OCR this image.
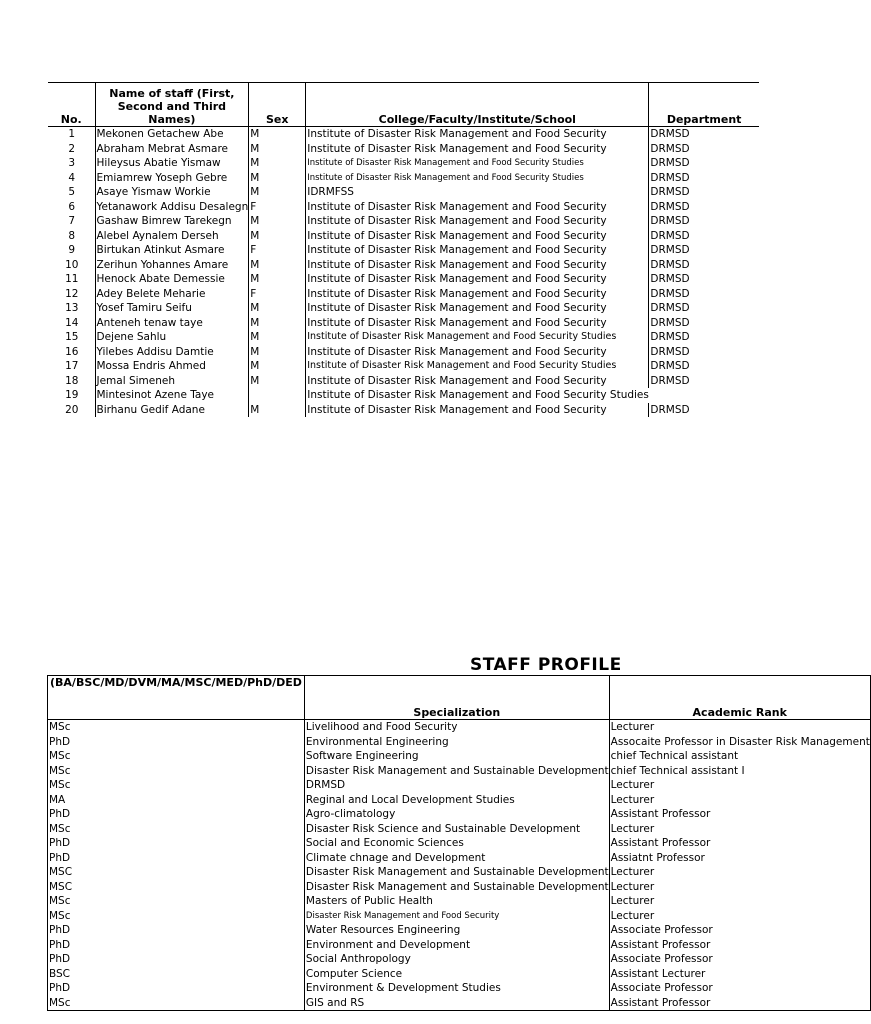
No.	Name of staff (First, Second and Third Names)	Sex	College/Faculty/Institute/School	Department
1	Mekonen Getachew Abe	M	Institute of Disaster Risk Management and Food Security	DRMSD
2	Abraham Mebrat Asmare	M	Institute of Disaster Risk Management and Food Security	DRMSD
3	Hileysus Abatie Yismaw	M	Institute of Disaster Risk Management and Food Security Studies	DRMSD
4	Emiamrew Yoseph Gebre	M	Institute of Disaster Risk Management and Food Security Studies	DRMSD
5	Asaye Yismaw Workie	M	IDRMFSS	DRMSD
6	Yetanawork Addisu Desalegn	F	Institute of Disaster Risk Management and Food Security	DRMSD
7	Gashaw Bimrew Tarekegn	M	Institute of Disaster Risk Management and Food Security	DRMSD
8	Alebel Aynalem Derseh	M	Institute of Disaster Risk Management and Food Security	DRMSD
9	Birtukan Atinkut Asmare	F	Institute of Disaster Risk Management and Food Security	DRMSD
10	Zerihun Yohannes Amare	M	Institute of Disaster Risk Management and Food Security	DRMSD
11	Henock Abate Demessie	M	Institute of Disaster Risk Management and Food Security	DRMSD
12	Adey Belete Meharie	F	Institute of Disaster Risk Management and Food Security	DRMSD
13	Yosef Tamiru Seifu	M	Institute of Disaster Risk Management and Food Security	DRMSD
14	Anteneh tenaw taye	M	Institute of Disaster Risk Management and Food Security	DRMSD
15	Dejene Sahlu	M	Institute of Disaster Risk Management and Food Security Studies	DRMSD
16	Yilebes Addisu Damtie	M	Institute of Disaster Risk Management and Food Security	DRMSD
17	Mossa Endris Ahmed	M	Institute of Disaster Risk Management and Food Security Studies	DRMSD
18	Jemal Simeneh	M	Institute of Disaster Risk Management and Food Security	DRMSD
19	Mintesinot Azene Taye		Institute of Disaster Risk Management and Food Security Studies	
20	Birhanu Gedif Adane	M	Institute of Disaster Risk Management and Food Security	DRMSD
STAFF PROFILE
(BA/BSC/MD/DVM/MA/MSC/MED/PhD/DED	Specialization	Academic Rank
MSc	Livelihood and Food Security	Lecturer
PhD	Environmental Engineering	Assocaite Professor in Disaster Risk Management
MSc	Software Engineering	chief Technical assistant
MSc	Disaster Risk Management and Sustainable Development	chief Technical assistant I
MSc	DRMSD	Lecturer
MA	Reginal and Local Development Studies	Lecturer
PhD	Agro-climatology	Assistant Professor
MSc	Disaster Risk Science and Sustainable Development	Lecturer
PhD	Social and Economic Sciences	Assistant Professor
PhD	Climate chnage and Development	Assiatnt Professor
MSC	Disaster Risk Management and Sustainable Development	Lecturer
MSC	Disaster Risk Management and Sustainable Development	Lecturer
MSc	Masters of Public Health	Lecturer
MSc	Disaster Risk Management and Food Security	Lecturer
PhD	Water Resources Engineering	Associate Professor
PhD	Environment and Development	Assistant Professor
PhD	Social Anthropology	Associate Professor
BSC	Computer Science	Assistant Lecturer
PhD	Environment & Development Studies	Associate Professor
MSc	GIS and RS	Assistant Professor
